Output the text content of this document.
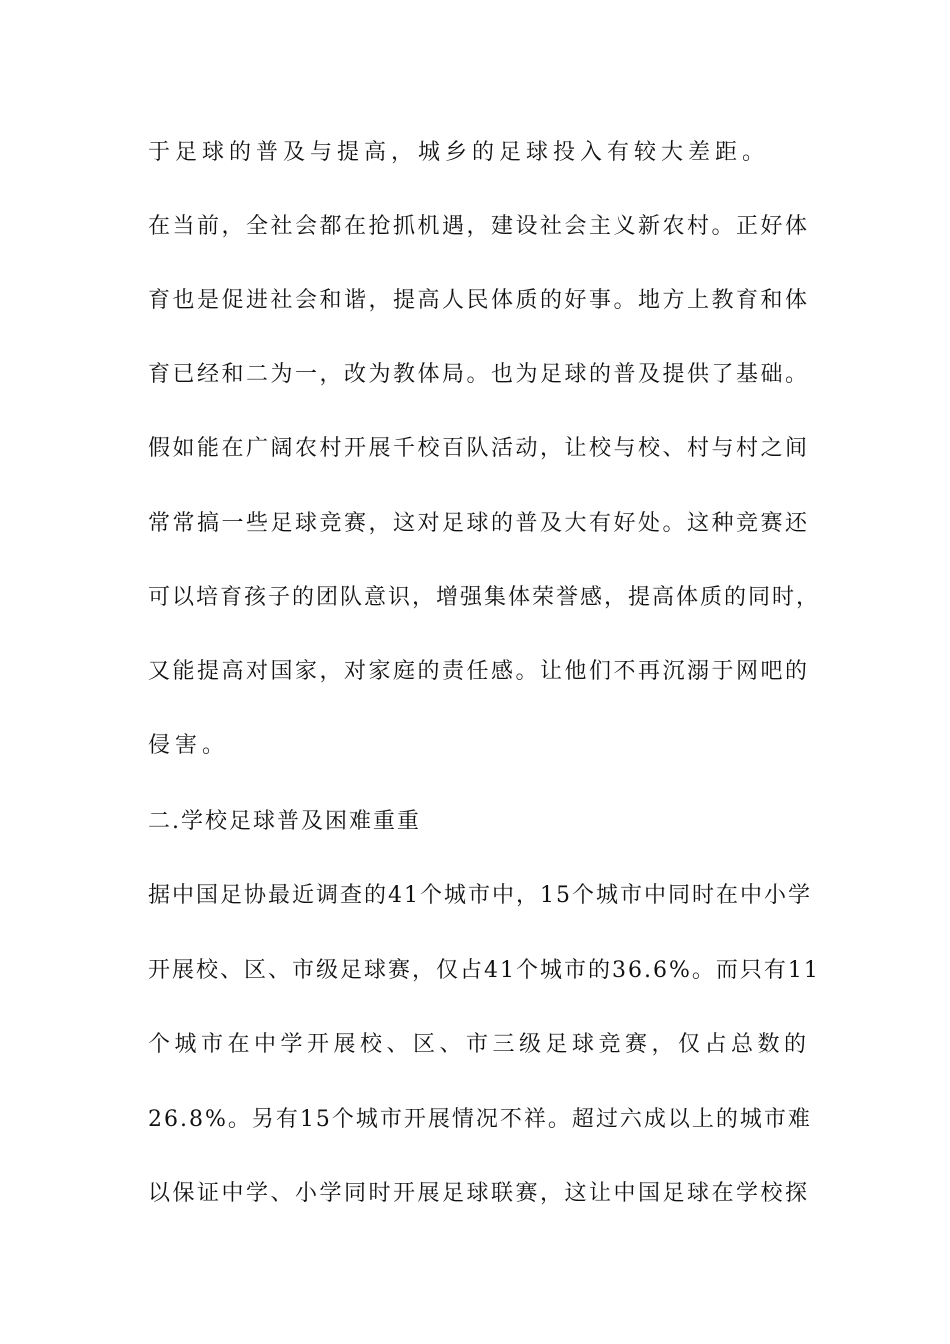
于足球的普及与提高，城乡的足球投入有较大差距。
在当前，全社会都在抢抓机遇，建设社会主义新农村。正好体
育也是促进社会和谐，提高人民体质的好事。地方上教育和体
育已经和二为一，改为教体局。也为足球的普及提供了基础。
假如能在广阔农村开展千校百队活动，让校与校、村与村之间
常常搞一些足球竞赛，这对足球的普及大有好处。这种竞赛还
可以培育孩子的团队意识，增强集体荣誉感，提高体质的同时，
又能提高对国家，对家庭的责任感。让他们不再沉溺于网吧的
侵害。
二.学校足球普及困难重重
据中国足协最近调查的41个城市中，15个城市中同时在中小学
开展校、区、市级足球赛，仅占41个城市的36.6%。而只有11
个城市在中学开展校、区、市三级足球竞赛，仅占总数的
26.8%。另有15个城市开展情况不祥。超过六成以上的城市难
以保证中学、小学同时开展足球联赛，这让中国足球在学校探
